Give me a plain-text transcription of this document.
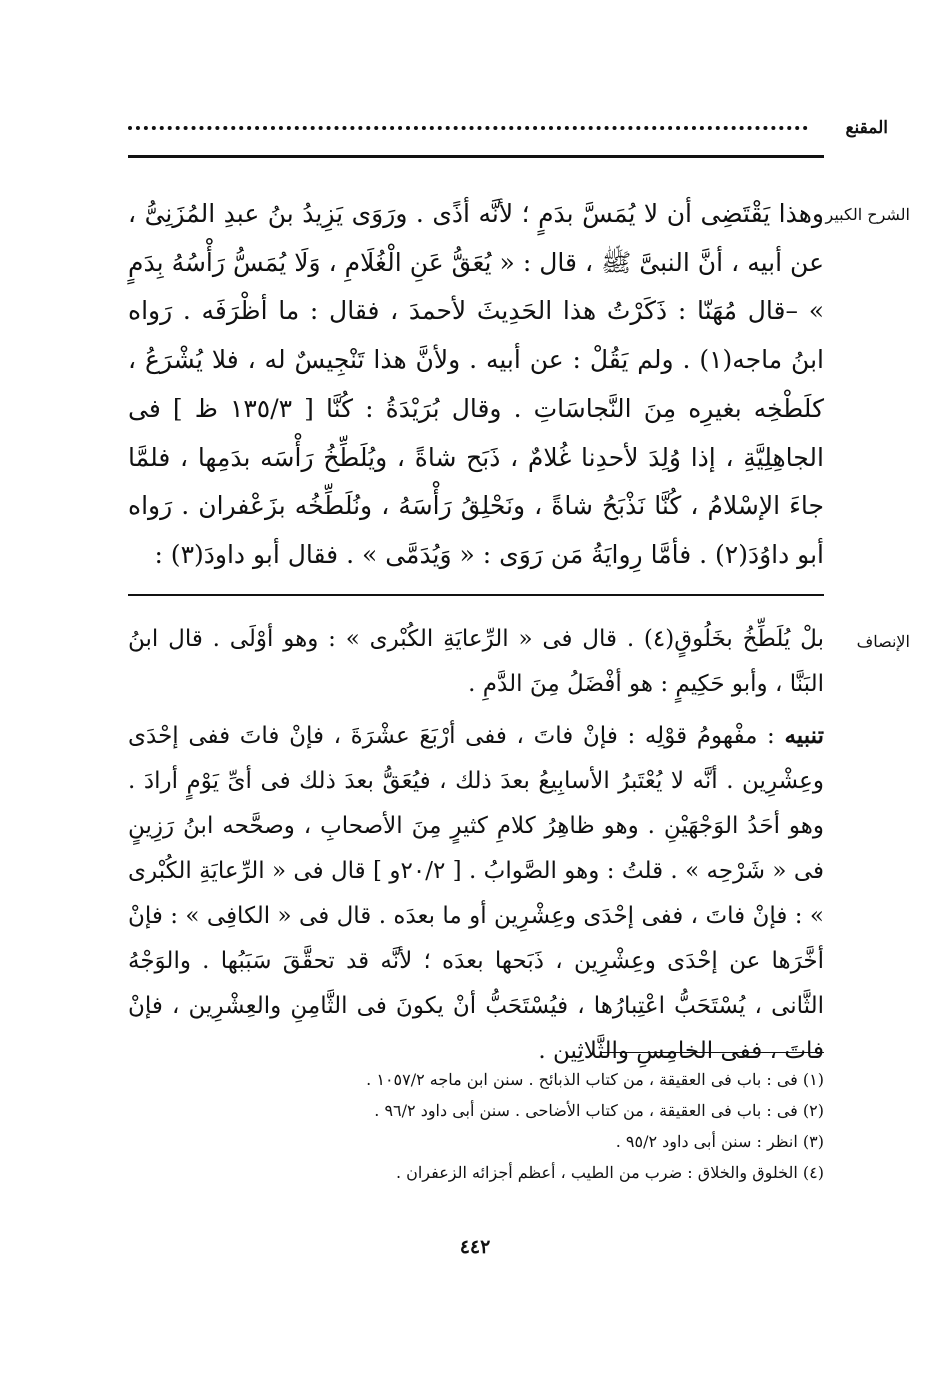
المقنع
الشرح الكبير
وهذا يَقْتَضِى أن لا يُمَسَّ بدَمٍ ؛ لأنَّه أذًى . ورَوَى يَزِيدُ بنُ عبدِ المُزَنِىُّ ، عن أبيه ، أنَّ النبىَّ ﷺ ، قال : « يُعَقُّ عَنِ الْغُلَامِ ، وَلَا يُمَسُّ رَأْسُهُ بِدَمٍ » –قال مُهَنّا : ذَكَرْتُ هذا الحَدِيثَ لأحمدَ ، فقال : ما أظْرَفَه . رَواه ابنُ ماجه(١) . ولم يَقُلْ : عن أبيه . ولأنَّ هذا تَنْجِيسٌ له ، فلا يُشْرَعُ ، كلَطْخِه بغيرِه مِنَ النَّجاسَاتِ . وقال بُرَيْدَةُ : كُنَّا [ ١٣٥/٣ ظ ] فى الجاهِلِيَّةِ ، إذا وُلِدَ لأحدِنا غُلامٌ ، ذَبَح شاةً ، ويُلَطِّخُ رَأْسَه بدَمِها ، فلمَّا جاءَ الإسْلامُ ، كُنَّا نَذْبَحُ شاةً ، ونَحْلِقُ رَأْسَهُ ، ونُلَطِّخُه بزَعْفران . رَواه أبو داوُدَ(٢) . فأمَّا رِوايَةُ مَن رَوَى : « وَيُدَمَّى » . فقال أبو داودَ(٣) :
الإنصاف

بلْ يُلَطِّخُ بخَلُوقٍ(٤) . قال فى « الرِّعايَةِ الكُبْرى » : وهو أوْلَى . قال ابنُ البَنَّا ، وأبو حَكِيمٍ : هو أفْضَلُ مِنَ الدَّمِ .

تنبيه : مفْهومُ قوْلِه : فإنْ فاتَ ، ففى أرْبَعَ عشْرَةَ ، فإنْ فاتَ ففى إحْدَى وعِشْرِين . أنَّه لا يُعْتَبرُ الأسابِيعُ بعدَ ذلك ، فيُعَقُّ بعدَ ذلك فى أىِّ يَوْمٍ أرادَ . وهو أحَدُ الوَجْهَيْنِ . وهو ظاهِرُ كلامِ كثيرٍ مِنَ الأصحابِ ، وصحَّحه ابنُ رَزِينٍ فى « شَرْحِه » . قلتُ : وهو الصَّوابُ . [ ٢٠/٢و ] قال فى « الرِّعايَةِ الكُبْرى » : فإنْ فاتَ ، ففى إحْدَى وعِشْرِين أو ما بعدَه . قال فى « الكافِى » : فإنْ أخَّرَها عن إحْدَى وعِشْرِين ، ذَبَحها بعدَه ؛ لأنَّه قد تحقَّقَ سَبَبُها . والوَجْهُ الثَّانى ، يُسْتَحَبُّ اعْتِبارُها ، فيُسْتَحَبُّ أنْ يكونَ فى الثَّامِنِ والعِشْرِين ، فإنْ فاتَ ، ففى الخامِسِ والثَّلاثِين .

(١) فى : باب فى العقيقة ، من كتاب الذبائح . سنن ابن ماجه ١٠٥٧/٢ .
(٢) فى : باب فى العقيقة ، من كتاب الأضاحى . سنن أبى داود ٩٦/٢ .
(٣) انظر : سنن أبى داود ٩٥/٢ .
(٤) الخلوق والخلاق : ضرب من الطيب ، أعظم أجزائه الزعفران .
٤٤٢
